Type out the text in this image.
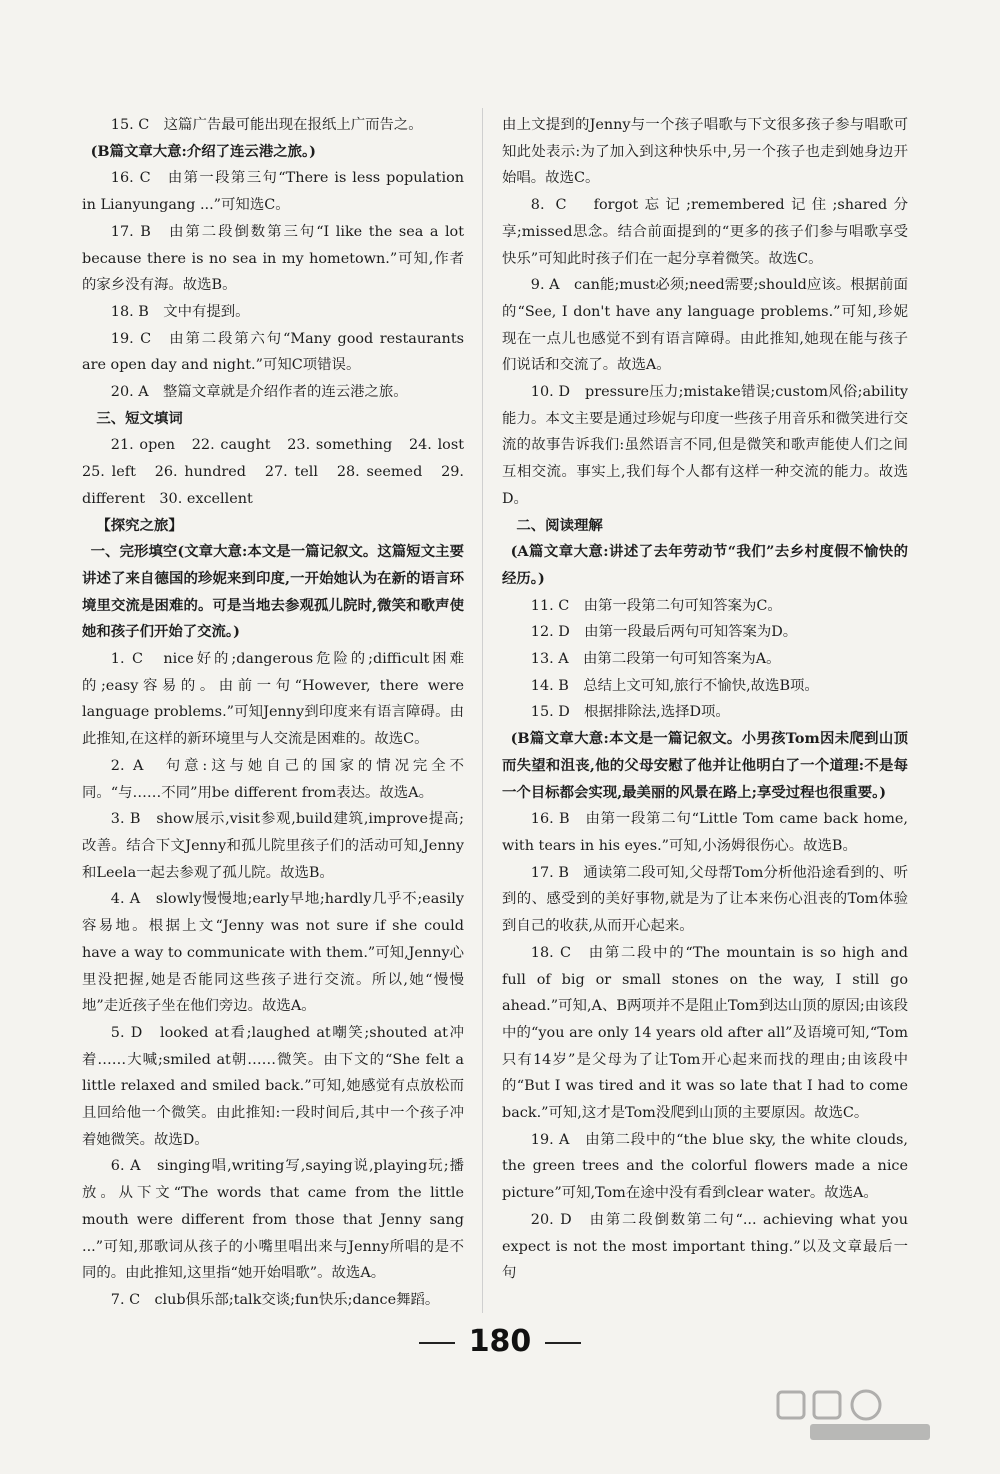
15. C　这篇广告最可能出现在报纸上广而告之。

(B篇文章大意:介绍了连云港之旅。)

16. C　由第一段第三句“There is less population in Lianyungang ...”可知选C。

17. B　由第二段倒数第三句“I like the sea a lot because there is no sea in my hometown.”可知,作者的家乡没有海。故选B。

18. B　文中有提到。

19. C　由第二段第六句“Many good restaurants are open day and night.”可知C项错误。

20. A　整篇文章就是介绍作者的连云港之旅。

三、短文填词

21. open　22. caught　23. something　24. lost　25. left　26. hundred　27. tell　28. seemed　29. different　30. excellent

【探究之旅】

一、完形填空(文章大意:本文是一篇记叙文。这篇短文主要讲述了来自德国的珍妮来到印度,一开始她认为在新的语言环境里交流是困难的。可是当地去参观孤儿院时,微笑和歌声使她和孩子们开始了交流。)

1. C　nice好的;dangerous危险的;difficult困难的;easy容易的。由前一句“However, there were language problems.”可知Jenny到印度来有语言障碍。由此推知,在这样的新环境里与人交流是困难的。故选C。

2. A　句意:这与她自己的国家的情况完全不同。“与……不同”用be different from表达。故选A。

3. B　show展示,visit参观,build建筑,improve提高;改善。结合下文Jenny和孤儿院里孩子们的活动可知,Jenny和Leela一起去参观了孤儿院。故选B。

4. A　slowly慢慢地;early早地;hardly几乎不;easily容易地。根据上文“Jenny was not sure if she could have a way to communicate with them.”可知,Jenny心里没把握,她是否能同这些孩子进行交流。所以,她“慢慢地”走近孩子坐在他们旁边。故选A。

5. D　looked at看;laughed at嘲笑;shouted at冲着……大喊;smiled at朝……微笑。由下文的“She felt a little relaxed and smiled back.”可知,她感觉有点放松而且回给他一个微笑。由此推知:一段时间后,其中一个孩子冲着她微笑。故选D。

6. A　singing唱,writing写,saying说,playing玩;播放。从下文“The words that came from the little mouth were different from those that Jenny sang ...”可知,那歌词从孩子的小嘴里唱出来与Jenny所唱的是不同的。由此推知,这里指“她开始唱歌”。故选A。

7. C　club俱乐部;talk交谈;fun快乐;dance舞蹈。

由上文提到的Jenny与一个孩子唱歌与下文很多孩子参与唱歌可知此处表示:为了加入到这种快乐中,另一个孩子也走到她身边开始唱。故选C。

8. C　forgot忘记;remembered记住;shared分享;missed思念。结合前面提到的“更多的孩子们参与唱歌享受快乐”可知此时孩子们在一起分享着微笑。故选C。

9. A　can能;must必须;need需要;should应该。根据前面的“See, I don't have any language problems.”可知,珍妮现在一点儿也感觉不到有语言障碍。由此推知,她现在能与孩子们说话和交流了。故选A。

10. D　pressure压力;mistake错误;custom风俗;ability能力。本文主要是通过珍妮与印度一些孩子用音乐和微笑进行交流的故事告诉我们:虽然语言不同,但是微笑和歌声能使人们之间互相交流。事实上,我们每个人都有这样一种交流的能力。故选D。

二、阅读理解

(A篇文章大意:讲述了去年劳动节“我们”去乡村度假不愉快的经历。)

11. C　由第一段第二句可知答案为C。

12. D　由第一段最后两句可知答案为D。

13. A　由第二段第一句可知答案为A。

14. B　总结上文可知,旅行不愉快,故选B项。

15. D　根据排除法,选择D项。

(B篇文章大意:本文是一篇记叙文。小男孩Tom因未爬到山顶而失望和沮丧,他的父母安慰了他并让他明白了一个道理:不是每一个目标都会实现,最美丽的风景在路上;享受过程也很重要。)

16. B　由第一段第二句“Little Tom came back home, with tears in his eyes.”可知,小汤姆很伤心。故选B。

17. B　通读第二段可知,父母帮Tom分析他沿途看到的、听到的、感受到的美好事物,就是为了让本来伤心沮丧的Tom体验到自己的收获,从而开心起来。

18. C　由第二段中的“The mountain is so high and full of big or small stones on the way, I still go ahead.”可知,A、B两项并不是阻止Tom到达山顶的原因;由该段中的“you are only 14 years old after all”及语境可知,“Tom只有14岁”是父母为了让Tom开心起来而找的理由;由该段中的“But I was tired and it was so late that I had to come back.”可知,这才是Tom没爬到山顶的主要原因。故选C。

19. A　由第二段中的“the blue sky, the white clouds, the green trees and the colorful flowers made a nice picture”可知,Tom在途中没有看到clear water。故选A。

20. D　由第二段倒数第二句“... achieving what you expect is not the most important thing.”以及文章最后一句

180
